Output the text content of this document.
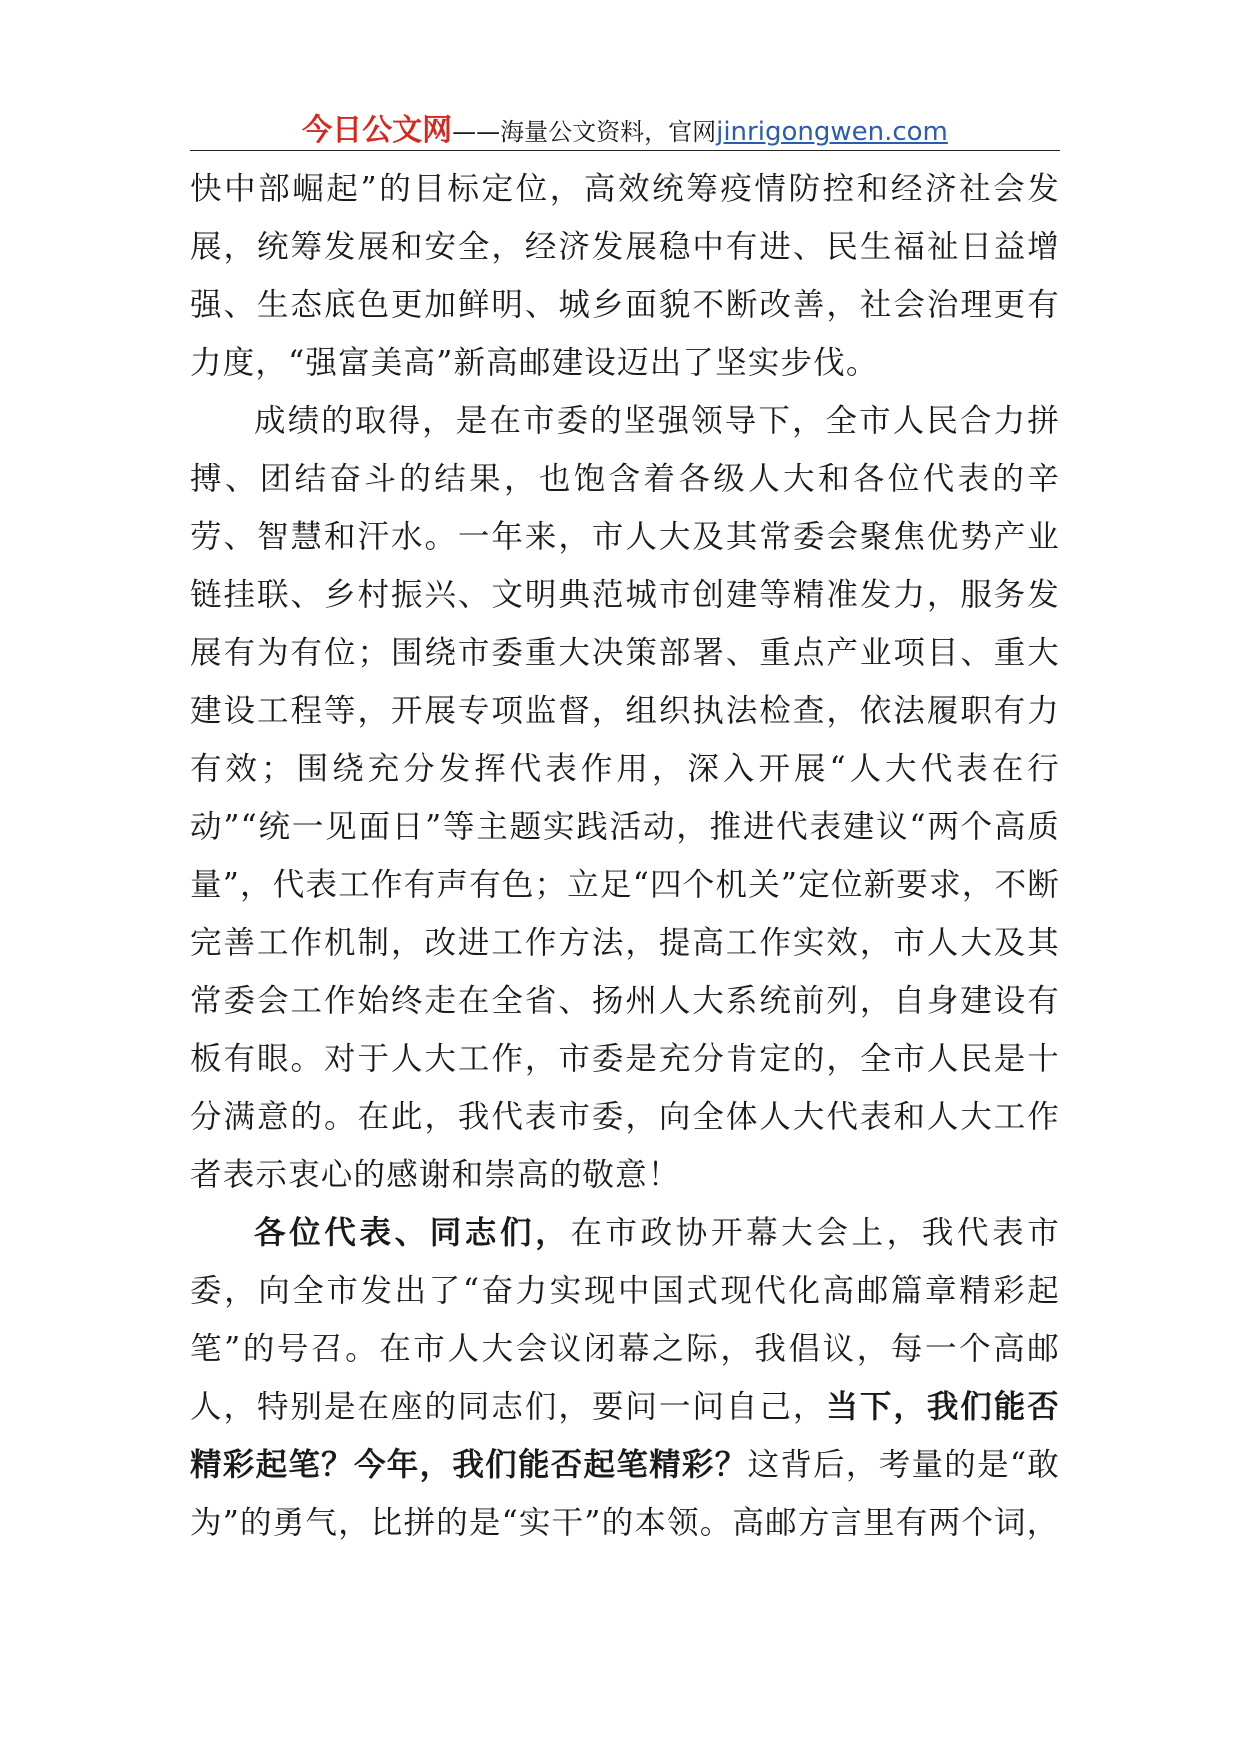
今日公文网 ——海量公文资料，官网 jinrigongwen.com

快中部崛起”的目标定位，高效统筹疫情防控和经济社会发展，统筹发展和安全，经济发展稳中有进、民生福祉日益增强、生态底色更加鲜明、城乡面貌不断改善，社会治理更有力度，“强富美高”新高邮建设迈出了坚实步伐。

成绩的取得，是在市委的坚强领导下，全市人民合力拼搏、团结奋斗的结果，也饱含着各级人大和各位代表的辛劳、智慧和汗水。一年来，市人大及其常委会聚焦优势产业链挂联、乡村振兴、文明典范城市创建等精准发力，服务发展有为有位；围绕市委重大决策部署、重点产业项目、重大建设工程等，开展专项监督，组织执法检查，依法履职有力有效；围绕充分发挥代表作用，深入开展“人大代表在行动”“统一见面日”等主题实践活动，推进代表建议“两个高质量”，代表工作有声有色；立足“四个机关”定位新要求，不断完善工作机制，改进工作方法，提高工作实效，市人大及其常委会工作始终走在全省、扬州人大系统前列，自身建设有板有眼。对于人大工作，市委是充分肯定的，全市人民是十分满意的。在此，我代表市委，向全体人大代表和人大工作者表示衷心的感谢和崇高的敬意！

各位代表、同志们，在市政协开幕大会上，我代表市委，向全市发出了“奋力实现中国式现代化高邮篇章精彩起笔”的号召。在市人大会议闭幕之际，我倡议，每一个高邮人，特别是在座的同志们，要问一问自己，当下，我们能否精彩起笔？今年，我们能否起笔精彩？这背后，考量的是“敢为”的勇气，比拼的是“实干”的本领。高邮方言里有两个词，
